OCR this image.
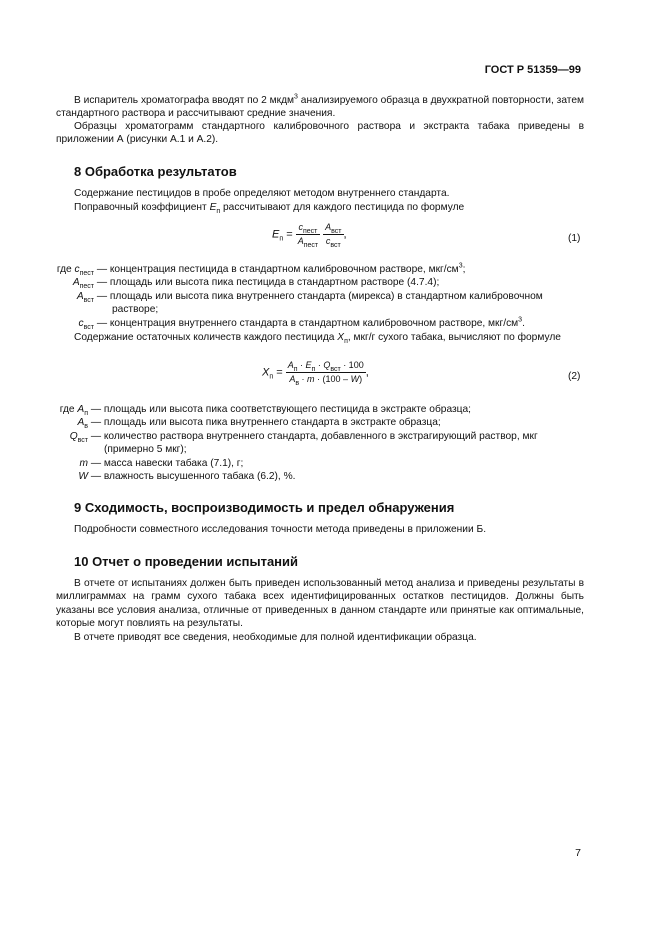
ГОСТ Р 51359—99

В испаритель хроматографа вводят по 2 мкдм$^3$ анализируемого образца в двухкратной повторности, затем стандартного раствора и рассчитывают средние значения.

Образцы хроматограмм стандартного калибровочного раствора и экстракта табака приведены в приложении А (рисунки А.1 и А.2).

8 Обработка результатов

Содержание пестицидов в пробе определяют методом внутреннего стандарта.

Поправочный коэффициент $E_п$ рассчитывают для каждого пестицида по формуле

$E_п = \frac{c_{пест}}{A_{пест}}$
$\frac{A_{вст}}{c_{вст}}$ ,	(1)
где $c_{пест}$ — концентрация пестицида в стандартном калибровочном растворе, мкг/$см^3$;
$A_{пест}$ — площадь или высота пика пестицида в стандартном растворе (4.7.4);
$A_{вст}$ — площадь или высота пика внутреннего стандарта (мирекса) в стандартном калибровочном
растворе;
$c_{вст}$ — концентрация внутреннего стандарта в стандартном калибровочном растворе, мкг/$см^3$.

Содержание остаточных количеств каждого пестицида $X_п$, мкг/г сухого табака, вычисляют по формуле

$X_п = \frac{A_п \cdot E_п \cdot Q_{вст} \cdot 100}{A_в \cdot m \cdot (100 - W)}$ ,	(2)
где $A_п$ — площадь или высота пика соответствующего пестицида в экстракте образца;
$A_в$ — площадь или высота пика внутреннего стандарта в экстракте образца;
$Q_{вст}$ — количество раствора внутреннего стандарта, добавленного в экстрагирующий раствор, мкг
(примерно 5 мкг);
m — масса навески табака (7.1), г;
W — влажность высушенного табака (6.2), %.
9 Сходимость, воспроизводимость и предел обнаружения

Подробности совместного исследования точности метода приведены в приложении Б.

10 Отчет о проведении испытаний

В отчете от испытаниях должен быть приведен использованный метод анализа и приведены результаты в миллиграммах на грамм сухого табака всех идентифицированных остатков пестицидов. Должны быть указаны все условия анализа, отличные от приведенных в данном стандарте или принятые как оптимальные, которые могут повлиять на результаты.

В отчете приводят все сведения, необходимые для полной идентификации образца.

7
